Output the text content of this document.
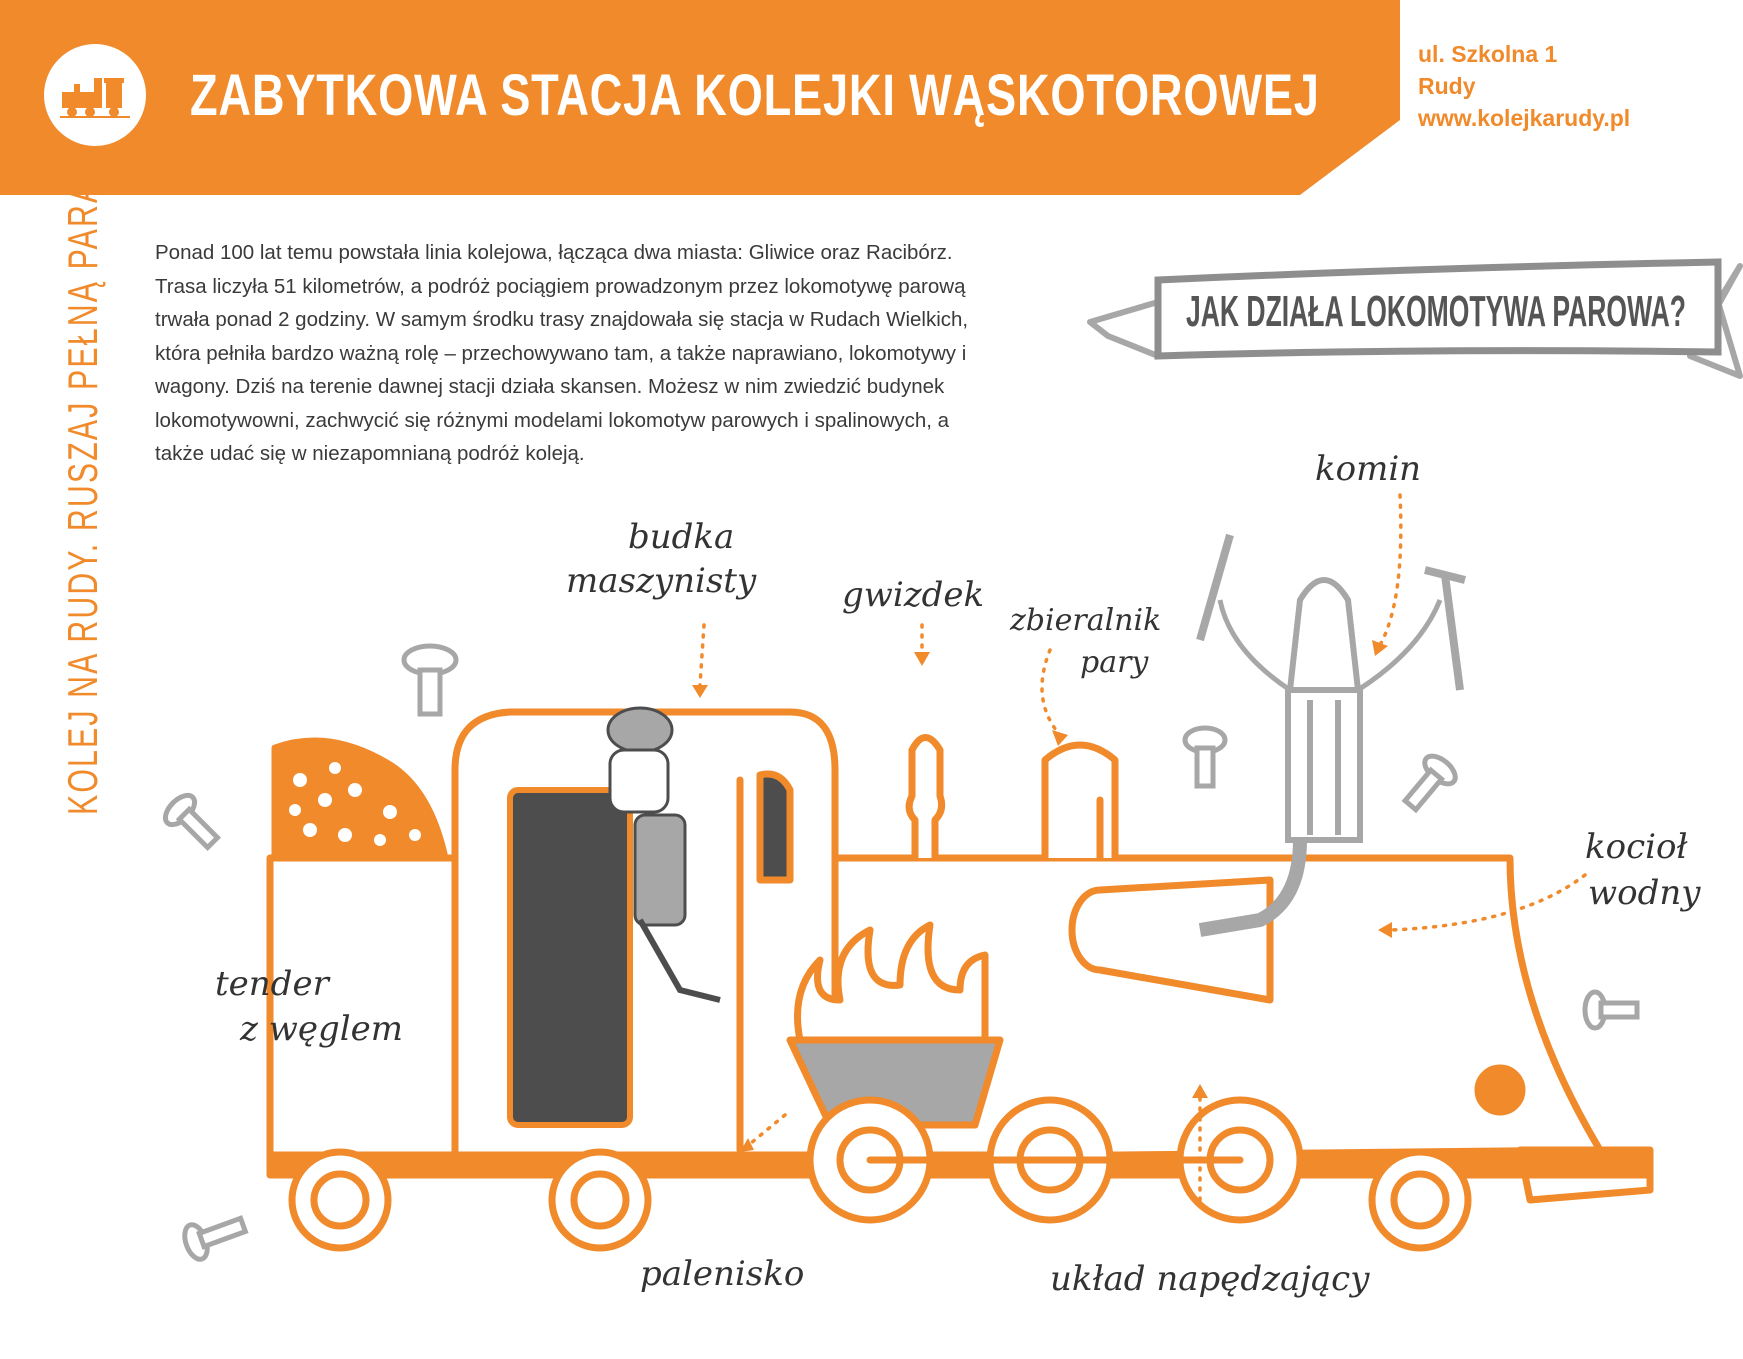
ZABYTKOWA STACJA KOLEJKI WĄSKOTOROWEJ
ul. Szkolna 1
Rudy
www.kolejkarudy.pl
KOLEJ NA RUDY. RUSZAJ PEŁNĄ PARĄ! Ponad 100 lat temu powstała linia kolejowa, łącząca dwa miasta: Gliwice oraz Racibórz. Trasa liczyła 51 kilometrów, a podróż pociągiem prowadzonym przez lokomotywę parową trwała ponad 2 godziny. W samym środku trasy znajdowała się stacja w Rudach Wielkich, która pełniła bardzo ważną rolę – przechowywano tam, a także naprawiano, lokomotywy i wagony. Dziś na terenie dawnej stacji działa skansen. Możesz w nim zwiedzić budynek lokomotywowni, zachwycić się różnymi modelami lokomotyw parowych i spalinowych, a także udać się w niezapomnianą podróż koleją.

JAK DZIAŁA LOKOMOTYWA PAROWA?
budka
maszynisty	gwizdek
zbieralnik
pary
komin
kocioł
wodny
tender
z węglem
palenisko	układ napędzający
